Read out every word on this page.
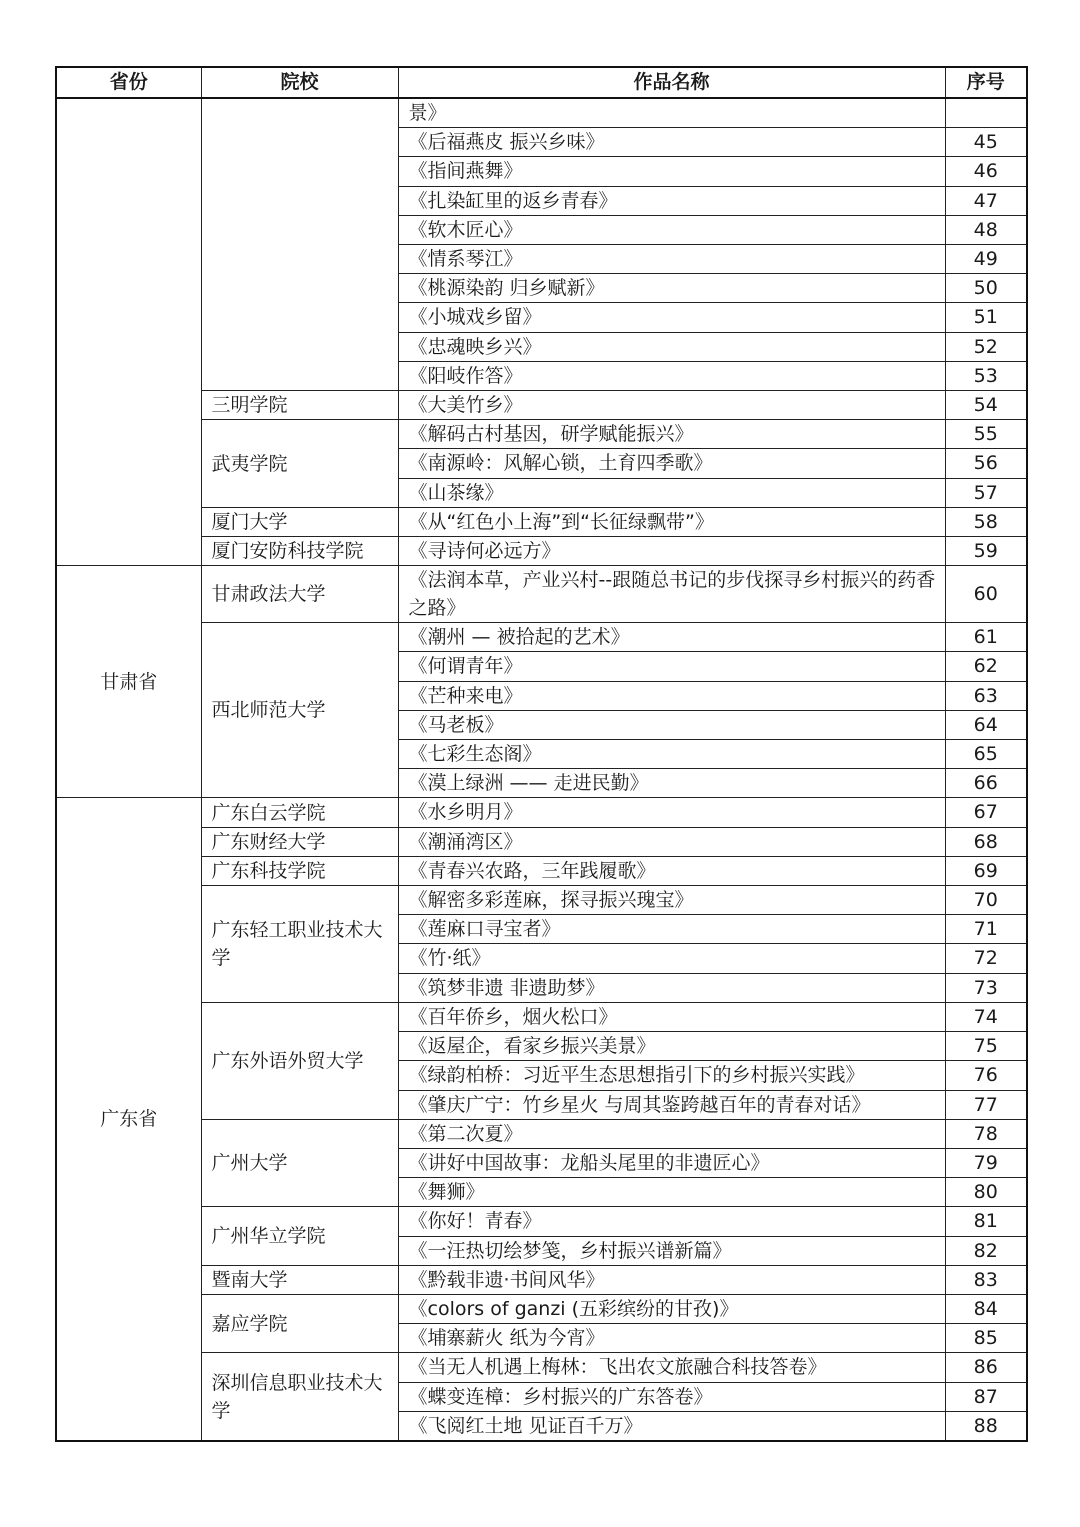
省份	院校	作品名称	序号
		景》	
		《后福燕皮 振兴乡味》	45
		《指间燕舞》	46
		《扎染缸里的返乡青春》	47
		《软木匠心》	48
		《情系琴江》	49
		《桃源染韵 归乡赋新》	50
		《小城戏乡留》	51
		《忠魂映乡兴》	52
		《阳岐作答》	53
	三明学院	《大美竹乡》	54
	武夷学院	《解码古村基因，研学赋能振兴》	55
		《南源岭：风解心锁，土育四季歌》	56
		《山茶缘》	57
	厦门大学	《从“红色小上海”到“长征绿飘带”》	58
	厦门安防科技学院	《寻诗何必远方》	59
甘肃省	甘肃政法大学	《法润本草，产业兴村--跟随总书记的步伐探寻乡村振兴的药香之路》	60
	西北师范大学	《潮州 — 被拾起的艺术》	61
		《何谓青年》	62
		《芒种来电》	63
		《马老板》	64
		《七彩生态阁》	65
		《漠上绿洲 —— 走进民勤》	66
广东省	广东白云学院	《水乡明月》	67
	广东财经大学	《潮涌湾区》	68
	广东科技学院	《青春兴农路，三年践履歌》	69
	广东轻工职业技术大学	《解密多彩莲麻，探寻振兴瑰宝》	70
		《莲麻口寻宝者》	71
		《竹·纸》	72
		《筑梦非遗 非遗助梦》	73
	广东外语外贸大学	《百年侨乡，烟火松口》	74
		《返屋企，看家乡振兴美景》	75
		《绿韵柏桥：习近平生态思想指引下的乡村振兴实践》	76
		《肇庆广宁：竹乡星火 与周其鉴跨越百年的青春对话》	77
	广州大学	《第二次夏》	78
		《讲好中国故事：龙船头尾里的非遗匠心》	79
		《舞狮》	80
	广州华立学院	《你好！青春》	81
		《一汪热切绘梦笺，乡村振兴谱新篇》	82
	暨南大学	《黔载非遗·书间风华》	83
	嘉应学院	《colors of ganzi (五彩缤纷的甘孜)》	84
		《埔寨薪火 纸为今宵》	85
	深圳信息职业技术大学	《当无人机遇上梅林：飞出农文旅融合科技答卷》	86
		《蝶变连樟：乡村振兴的广东答卷》	87
		《飞阅红土地 见证百千万》	88
